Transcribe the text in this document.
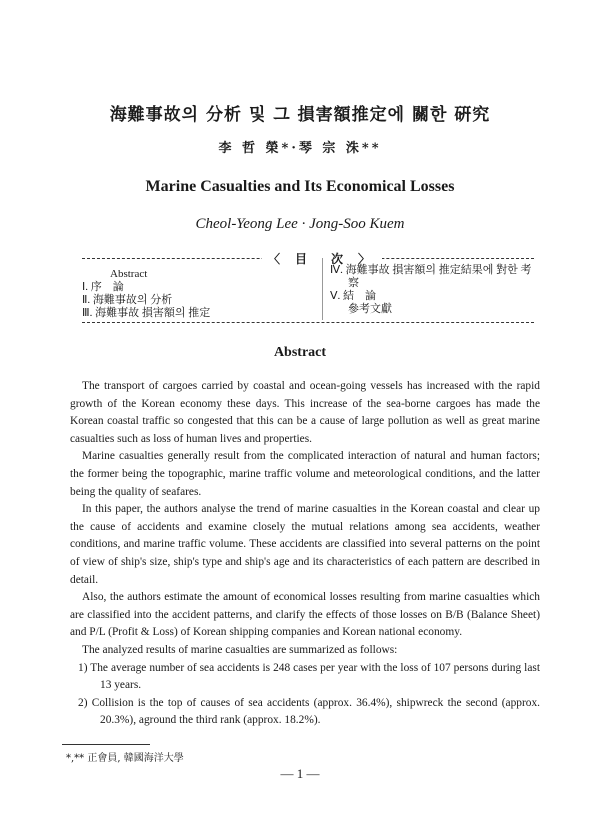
海難事故의 分析 및 그 損害額推定에 關한 硏究
李 哲 榮*·琴 宗 洙**
Marine Casualties and Its Economical Losses
Cheol-Yeong Lee · Jong-Soo Kuem
〈 目　次 〉
Abstract
Ⅰ. 序　論
Ⅱ. 海難事故의 分析
Ⅲ. 海難事故 損害額의 推定
Ⅳ. 海難事故 損害額의 推定結果에 對한 考
察
Ⅴ. 結　論
參考文獻
Abstract

The transport of cargoes carried by coastal and ocean-going vessels has increased with the rapid growth of the Korean economy these days. This increase of the sea-borne cargoes has made the Korean coastal traffic so congested that this can be a cause of large pollution as well as great marine casualties such as loss of human lives and properties.

Marine casualties generally result from the complicated interaction of natural and human factors; the former being the topographic, marine traffic volume and meteorological conditions, and the latter being the quality of seafares.

In this paper, the authors analyse the trend of marine casualties in the Korean coastal and clear up the cause of accidents and examine closely the mutual relations among sea accidents, weather conditions, and marine traffic volume. These accidents are classified into several patterns on the point of view of ship's size, ship's type and ship's age and its characteristics of each pattern are described in detail.

Also, the authors estimate the amount of economical losses resulting from marine casualties which are classified into the accident patterns, and clarify the effects of those losses on B/B (Balance Sheet) and P/L (Profit & Loss) of Korean shipping companies and Korean national economy.

The analyzed results of marine casualties are summarized as follows:

1) The average number of sea accidents is 248 cases per year with the loss of 107 persons during last 13 years.

2) Collision is the top of causes of sea accidents (approx. 36.4%), shipwreck the second (approx. 20.3%), aground the third rank (approx. 18.2%).

*,** 正會員, 韓國海洋大學
— 1 —
